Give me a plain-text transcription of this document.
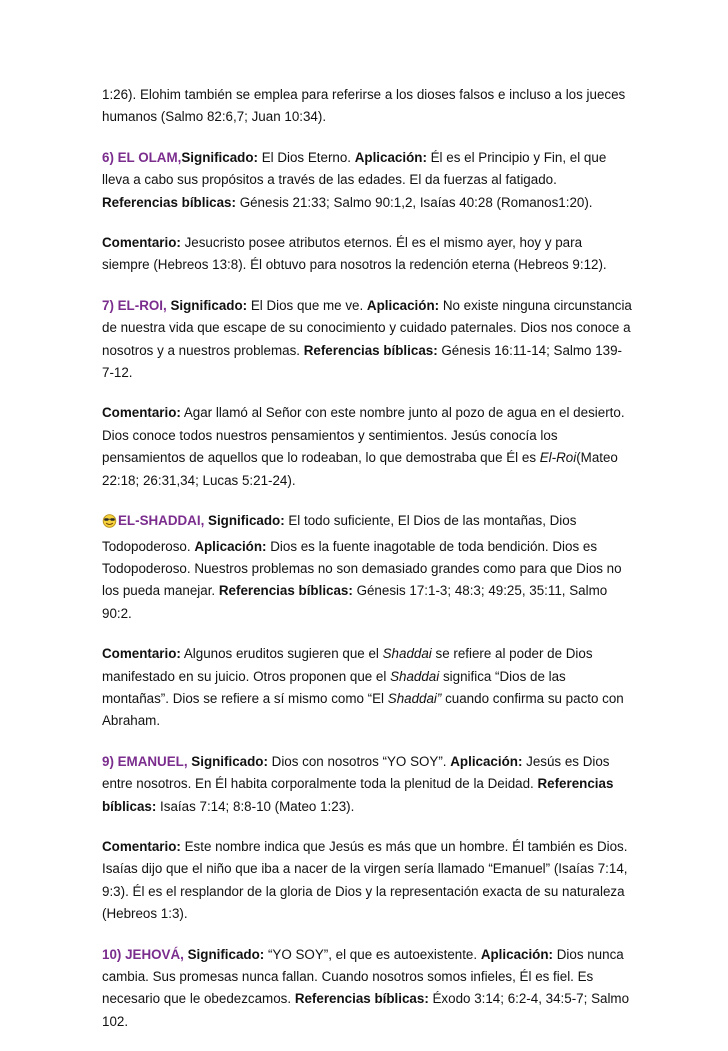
1:26). Elohim también se emplea para referirse a los dioses falsos e incluso a los jueces humanos (Salmo 82:6,7; Juan 10:34).

6) EL OLAM,Significado: El Dios Eterno. Aplicación: Él es el Principio y Fin, el que lleva a cabo sus propósitos a través de las edades. El da fuerzas al fatigado. Referencias bíblicas: Génesis 21:33; Salmo 90:1,2, Isaías 40:28 (Romanos1:20).

Comentario: Jesucristo posee atributos eternos. Él es el mismo ayer, hoy y para siempre (Hebreos 13:8). Él obtuvo para nosotros la redención eterna (Hebreos 9:12).

7) EL-ROI, Significado: El Dios que me ve. Aplicación: No existe ninguna circunstancia de nuestra vida que escape de su conocimiento y cuidado paternales. Dios nos conoce a nosotros y a nuestros problemas. Referencias bíblicas: Génesis 16:11-14; Salmo 139-7-12.

Comentario: Agar llamó al Señor con este nombre junto al pozo de agua en el desierto. Dios conoce todos nuestros pensamientos y sentimientos. Jesús conocía los pensamientos de aquellos que lo rodeaban, lo que demostraba que Él es El-Roi(Mateo 22:18; 26:31,34; Lucas 5:21-24).

EL-SHADDAI, Significado: El todo suficiente, El Dios de las montañas, Dios Todopoderoso. Aplicación: Dios es la fuente inagotable de toda bendición. Dios es Todopoderoso. Nuestros problemas no son demasiado grandes como para que Dios no los pueda manejar. Referencias bíblicas: Génesis 17:1-3; 48:3; 49:25, 35:11, Salmo 90:2.

Comentario: Algunos eruditos sugieren que el Shaddai se refiere al poder de Dios manifestado en su juicio. Otros proponen que el Shaddai significa “Dios de las montañas”. Dios se refiere a sí mismo como “El Shaddai” cuando confirma su pacto con Abraham.

9) EMANUEL, Significado: Dios con nosotros “YO SOY”. Aplicación: Jesús es Dios entre nosotros. En Él habita corporalmente toda la plenitud de la Deidad. Referencias bíblicas: Isaías 7:14; 8:8-10 (Mateo 1:23).

Comentario: Este nombre indica que Jesús es más que un hombre. Él también es Dios. Isaías dijo que el niño que iba a nacer de la virgen sería llamado “Emanuel” (Isaías 7:14, 9:3). Él es el resplandor de la gloria de Dios y la representación exacta de su naturaleza (Hebreos 1:3).

10) JEHOVÁ, Significado: “YO SOY”, el que es autoexistente. Aplicación: Dios nunca cambia. Sus promesas nunca fallan. Cuando nosotros somos infieles, Él es fiel. Es necesario que le obedezcamos. Referencias bíblicas: Éxodo 3:14; 6:2-4, 34:5-7; Salmo 102.
